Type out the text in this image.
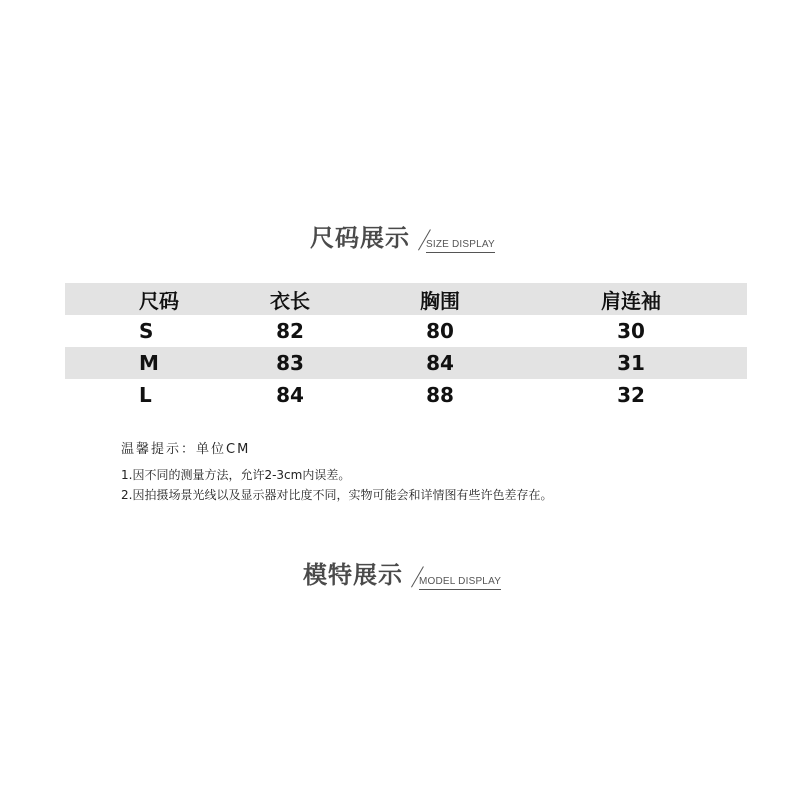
尺码展示 SIZE DISPLAY
尺码	衣长	胸围	肩连袖
S	82	80	30
M	83	84	31
L	84	88	32
温馨提示：单位CM
1.因不同的测量方法，允许2-3cm内误差。
2.因拍摄场景光线以及显示器对比度不同，实物可能会和详情图有些许色差存在。
模特展示 MODEL DISPLAY
